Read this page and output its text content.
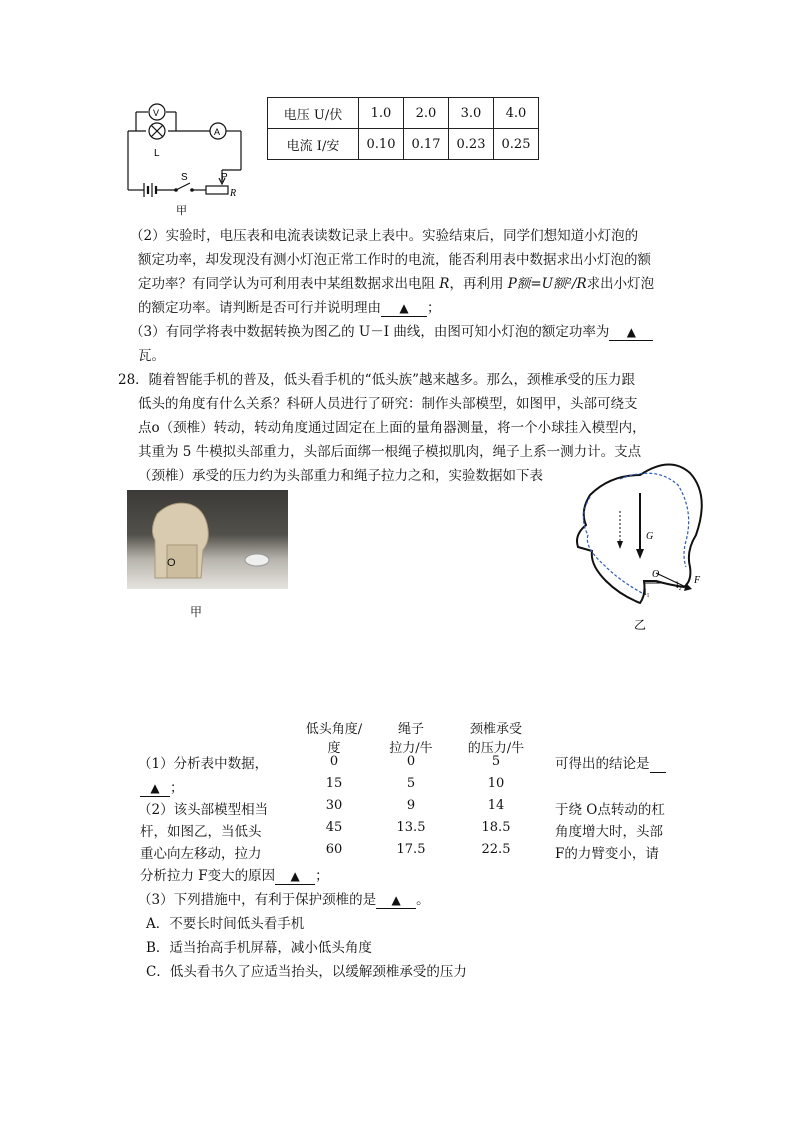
V
A
L
S	P
R
甲
电压 U/伏	1.0	2.0	3.0	4.0
电流 I/安	0.10	0.17	0.23	0.25
（2）实验时，电压表和电流表读数记录上表中。实验结束后，同学们想知道小灯泡的
额定功率，却发现没有测小灯泡正常工作时的电流，能否利用表中数据求出小灯泡的额
定功率？有同学认为可利用表中某组数据求出电阻 R，再利用 P额=U额²/R求出小灯泡
的额定功率。请判断是否可行并说明理由 ▲ ；
（3）有同学将表中数据转换为图乙的 U－I 曲线，由图可知小灯泡的额定功率为 ▲
瓦。
28．随着智能手机的普及，低头看手机的“低头族”越来越多。那么，颈椎承受的压力跟
低头的角度有什么关系？科研人员进行了研究：制作头部模型，如图甲，头部可绕支
点o（颈椎）转动，转动角度通过固定在上面的量角器测量，将一个小球挂入模型内，
其重为 5 牛模拟头部重力，头部后面绑一根绳子模拟肌肉，绳子上系一测力计。支点
（颈椎）承受的压力约为头部重力和绳子拉力之和，实验数据如下表
O
甲
G
O
F
l₁
l₂
乙
低头角度/
度
绳子
拉力/牛
颈椎承受
的压力/牛
0	0	5
15	5	10
30	9	14
45	13.5	18.5
60	17.5	22.5
（1）分析表中数据，
▲ ；
（2）该头部模型相当
杆，如图乙，当低头
重心向左移动，拉力
可得出的结论是
于绕 O点转动的杠
角度增大时，头部
F的力臂变小，请
分析拉力 F变大的原因 ▲ ；
（3）下列措施中，有利于保护颈椎的是 ▲ 。
A．不要长时间低头看手机
B．适当抬高手机屏幕，减小低头角度
C．低头看书久了应适当抬头，以缓解颈椎承受的压力
